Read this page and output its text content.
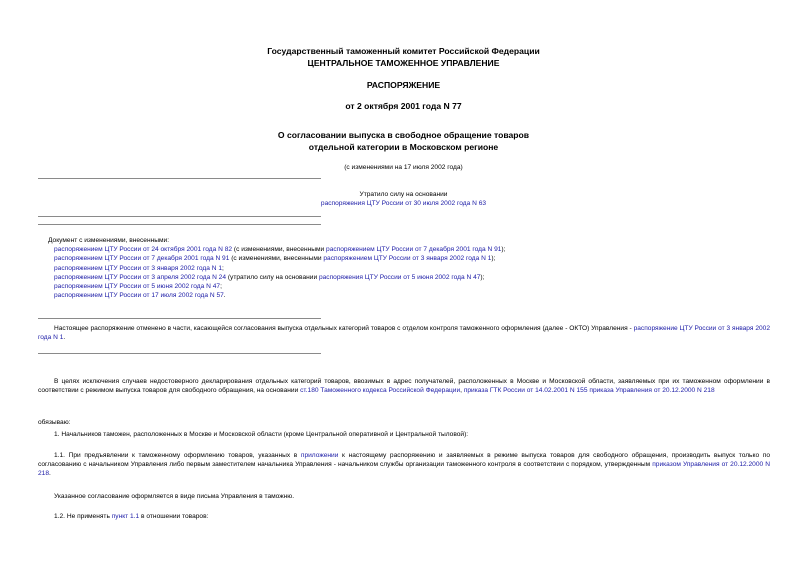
Государственный таможенный комитет Российской Федерации
ЦЕНТРАЛЬНОЕ ТАМОЖЕННОЕ УПРАВЛЕНИЕ
РАСПОРЯЖЕНИЕ
от 2 октября 2001 года N 77
О согласовании выпуска в свободное обращение товаров
отдельной категории в Московском регионе
(с изменениями на 17 июля 2002 года)
Утратило силу на основании
распоряжения ЦТУ России от 30 июля 2002 года N 63
Документ с изменениями, внесенными:
распоряжением ЦТУ России от 24 октября 2001 года N 82 (с изменениями, внесенными распоряжением ЦТУ России от 7 декабря 2001 года N 91);
распоряжением ЦТУ России от 7 декабря 2001 года N 91 (с изменениями, внесенными распоряжением ЦТУ России от 3 января 2002 года N 1);
распоряжением ЦТУ России от 3 января 2002 года N 1;
распоряжением ЦТУ России от 3 апреля 2002 года N 24 (утратило силу на основании распоряжения ЦТУ России от 5 июня 2002 года N 47);
распоряжением ЦТУ России от 5 июня 2002 года N 47;
распоряжением ЦТУ России от 17 июля 2002 года N 57.
Настоящее распоряжение отменено в части, касающейся согласования выпуска отдельных категорий товаров с отделом контроля таможенного оформления (далее - ОКТО) Управления - распоряжение ЦТУ России от 3 января 2002 года N 1.
В целях исключения случаев недостоверного декларирования отдельных категорий товаров, ввозимых в адрес получателей, расположенных в Москве и Московской области, заявляемых при их таможенном оформлении в соответствии с режимом выпуска товаров для свободного обращения, на основании ст.180 Таможенного кодекса Российской Федерации, приказа ГТК России от 14.02.2001 N 155 приказа Управления от 20.12.2000 N 218
обязываю:
1. Начальников таможен, расположенных в Москве и Московской области (кроме Центральной оперативной и Центральной тыловой):
1.1. При предъявлении к таможенному оформлению товаров, указанных в приложении к настоящему распоряжению и заявляемых в режиме выпуска товаров для свободного обращения, производить выпуск только по согласованию с начальником Управления либо первым заместителем начальника Управления - начальником службы организации таможенного контроля в соответствии с порядком, утвержденным приказом Управления от 20.12.2000 N 218.
Указанное согласование оформляется в виде письма Управления в таможню.
1.2. Не применять пункт 1.1 в отношении товаров:
